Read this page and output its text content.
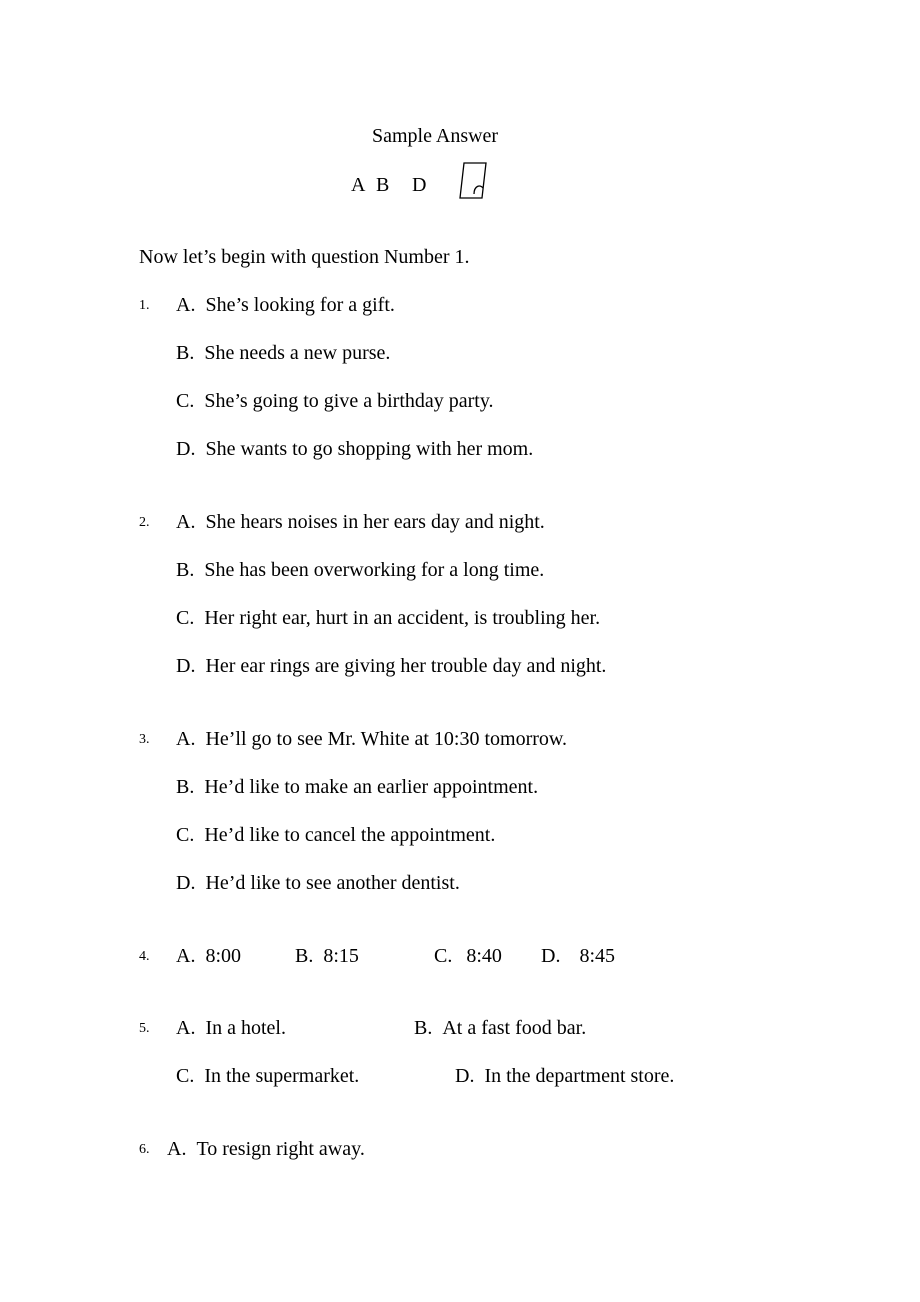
Sample Answer
A B D
Now let’s begin with question Number 1.
1. A. She’s looking for a gift.
B. She needs a new purse.
C. She’s going to give a birthday party.
D. She wants to go shopping with her mom.
2. A. She hears noises in her ears day and night.
B. She has been overworking for a long time.
C. Her right ear, hurt in an accident, is troubling her.
D. Her ear rings are giving her trouble day and night.
3. A. He’ll go to see Mr. White at 10:30 tomorrow.
B. He’d like to make an earlier appointment.
C. He’d like to cancel the appointment.
D. He’d like to see another dentist.
4. A. 8:00	B. 8:15	C. 8:40 D. 8:45
5. A. In a hotel.	B. At a fast food bar.
C. In the supermarket.	D. In the department store.
6. A. To resign right away.
